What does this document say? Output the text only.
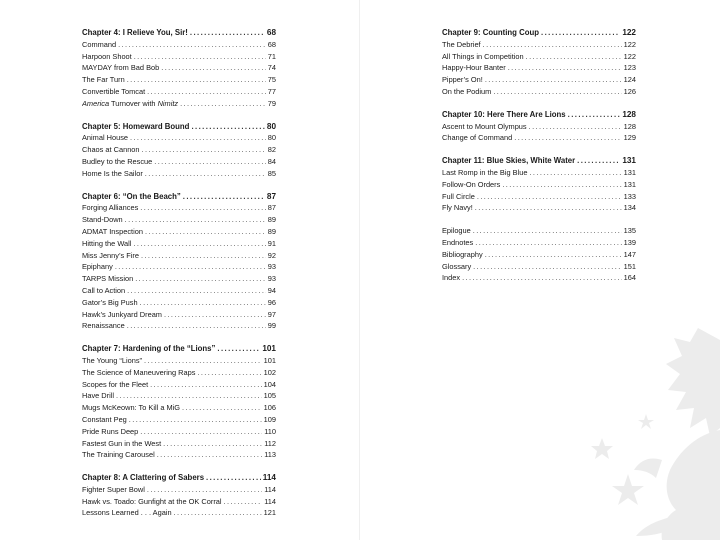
Chapter 4: I Relieve You, Sir! .....	68
Command .....	68
Harpoon Shoot .....	71
MAYDAY from Bad Bob .....	74
The Far Turn .....	75
Convertible Tomcat .....	77
America Turnover with Nimitz .....	79
Chapter 5: Homeward Bound .....	80
Animal House .....	80
Chaos at Cannon .....	82
Budley to the Rescue .....	84
Home Is the Sailor .....	85
Chapter 6: “On the Beach” .....	87
Forging Alliances .....	87
Stand-Down .....	89
ADMAT Inspection .....	89
Hitting the Wall .....	91
Miss Jenny’s Fire .....	92
Epiphany .....	93
TARPS Mission .....	93
Call to Action .....	94
Gator’s Big Push .....	96
Hawk’s Junkyard Dream .....	97
Renaissance .....	99
Chapter 7: Hardening of the “Lions” .....	101
The Young “Lions” .....	101
The Science of Maneuvering Raps .....	102
Scopes for the Fleet .....	104
Have Drill .....	105
Mugs McKeown: To Kill a MiG .....	106
Constant Peg .....	109
Pride Runs Deep .....	110
Fastest Gun in the West .....	112
The Training Carousel .....	113
Chapter 8: A Clattering of Sabers .....	114
Fighter Super Bowl .....	114
Hawk vs. Toado: Gunfight at the OK Corral .....	114
Lessons Learned . . . Again .....	121
Chapter 9: Counting Coup .....	122
The Debrief .....	122
All Things in Competition .....	122
Happy-Hour Banter .....	123
Pipper’s On! .....	124
On the Podium .....	126
Chapter 10: Here There Are Lions .....	128
Ascent to Mount Olympus .....	128
Change of Command .....	129
Chapter 11: Blue Skies, White Water .....	131
Last Romp in the Big Blue .....	131
Follow-On Orders .....	131
Full Circle .....	133
Fly Navy! .....	134
Epilogue .....	135
Endnotes .....	139
Bibliography .....	147
Glossary .....	151
Index .....	164
